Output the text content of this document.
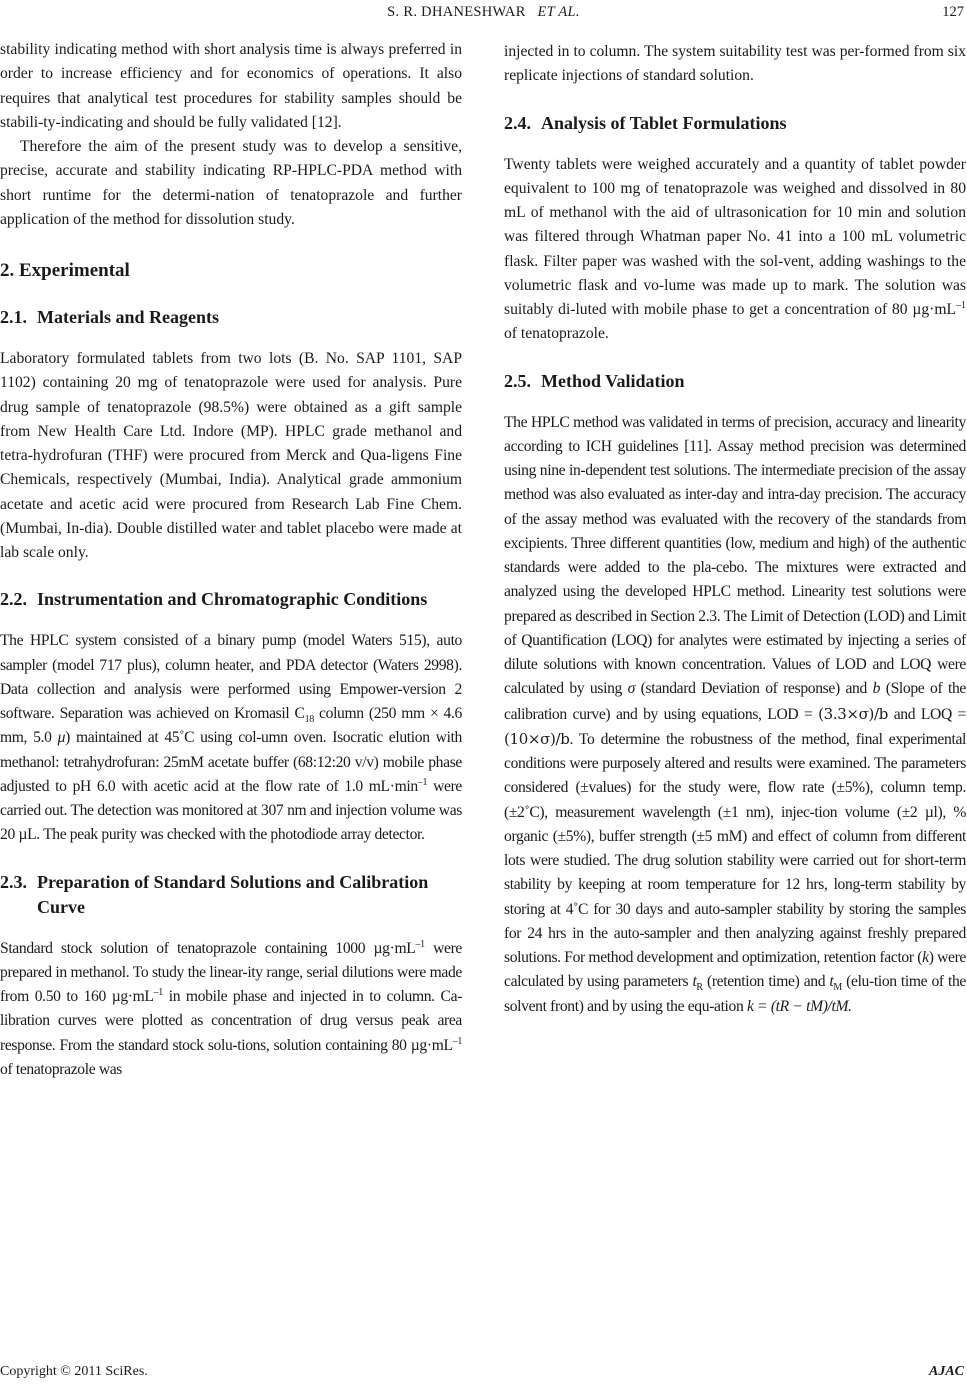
S. R. DHANESHWAR ET AL.	127

stability indicating method with short analysis time is always preferred in order to increase efficiency and for economics of operations. It also requires that analytical test procedures for stability samples should be stabili-ty-indicating and should be fully validated [12].

Therefore the aim of the present study was to develop a sensitive, precise, accurate and stability indicating RP-HPLC-PDA method with short runtime for the determi-nation of tenatoprazole and further application of the method for dissolution study.

2. Experimental
2.1. Materials and Reagents

Laboratory formulated tablets from two lots (B. No. SAP 1101, SAP 1102) containing 20 mg of tenatoprazole were used for analysis. Pure drug sample of tenatoprazole (98.5%) were obtained as a gift sample from New Health Care Ltd. Indore (MP). HPLC grade methanol and tetra-hydrofuran (THF) were procured from Merck and Qua-ligens Fine Chemicals, respectively (Mumbai, India). Analytical grade ammonium acetate and acetic acid were procured from Research Lab Fine Chem. (Mumbai, In-dia). Double distilled water and tablet placebo were made at lab scale only.

2.2. Instrumentation and Chromatographic Conditions

The HPLC system consisted of a binary pump (model Waters 515), auto sampler (model 717 plus), column heater, and PDA detector (Waters 2998). Data collection and analysis were performed using Empower-version 2 software. Separation was achieved on Kromasil $C_{18}$ column (250 mm × 4.6 mm, 5.0 μ) maintained at 45˚C using col-umn oven. Isocratic elution with methanol: tetrahydrofuran: 25mM acetate buffer (68:12:20 v/v) mobile phase adjusted to pH 6.0 with acetic acid at the flow rate of 1.0 $mL\cdot\min^{-1}$ were carried out. The detection was monitored at 307 nm and injection volume was 20 µL. The peak purity was checked with the photodiode array detector.

2.3. Preparation of Standard Solutions and Calibration Curve

Standard stock solution of tenatoprazole containing 1000 $\mu g\cdot mL^{-1}$ were prepared in methanol. To study the linear-ity range, serial dilutions were made from 0.50 to 160 $\mu g\cdot mL^{-1}$ in mobile phase and injected in to column. Ca-libration curves were plotted as concentration of drug versus peak area response. From the standard stock solu-tions, solution containing 80 $\mu g\cdot mL^{-1}$ of tenatoprazole was

injected in to column. The system suitability test was per-formed from six replicate injections of standard solution.

2.4. Analysis of Tablet Formulations

Twenty tablets were weighed accurately and a quantity of tablet powder equivalent to 100 mg of tenatoprazole was weighed and dissolved in 80 mL of methanol with the aid of ultrasonication for 10 min and solution was filtered through Whatman paper No. 41 into a 100 mL volumetric flask. Filter paper was washed with the sol-vent, adding washings to the volumetric flask and vo-lume was made up to mark. The solution was suitably di-luted with mobile phase to get a concentration of 80 $\mu g\cdot mL^{-1}$ of tenatoprazole.

2.5. Method Validation

The HPLC method was validated in terms of precision, accuracy and linearity according to ICH guidelines [11]. Assay method precision was determined using nine in-dependent test solutions. The intermediate precision of the assay method was also evaluated as inter-day and intra-day precision. The accuracy of the assay method was evaluated with the recovery of the standards from excipients. Three different quantities (low, medium and high) of the authentic standards were added to the pla-cebo. The mixtures were extracted and analyzed using the developed HPLC method. Linearity test solutions were prepared as described in Section 2.3. The Limit of Detection (LOD) and Limit of Quantification (LOQ) for analytes were estimated by injecting a series of dilute solutions with known concentration. Values of LOD and LOQ were calculated by using σ (standard Deviation of response) and b (Slope of the calibration curve) and by using equations, LOD = (3.3×σ)/b and LOQ = (10×σ)/b. To determine the robustness of the method, final experimental conditions were purposely altered and results were examined. The parameters considered (±values) for the study were, flow rate (±5%), column temp. (±2˚C), measurement wavelength (±1 nm), injec-tion volume (±2 µl), % organic (±5%), buffer strength (±5 mM) and effect of column from different lots were studied. The drug solution stability were carried out for short-term stability by keeping at room temperature for 12 hrs, long-term stability by storing at 4˚C for 30 days and auto-sampler stability by storing the samples for 24 hrs in the auto-sampler and then analyzing against freshly prepared solutions. For method development and optimization, retention factor (k) were calculated by using parameters $t_R$ (retention time) and $t_M$ (elu-tion time of the solvent front) and by using the equ-ation k = (tR − tM)/tM.

Copyright © 2011 SciRes.	AJAC
